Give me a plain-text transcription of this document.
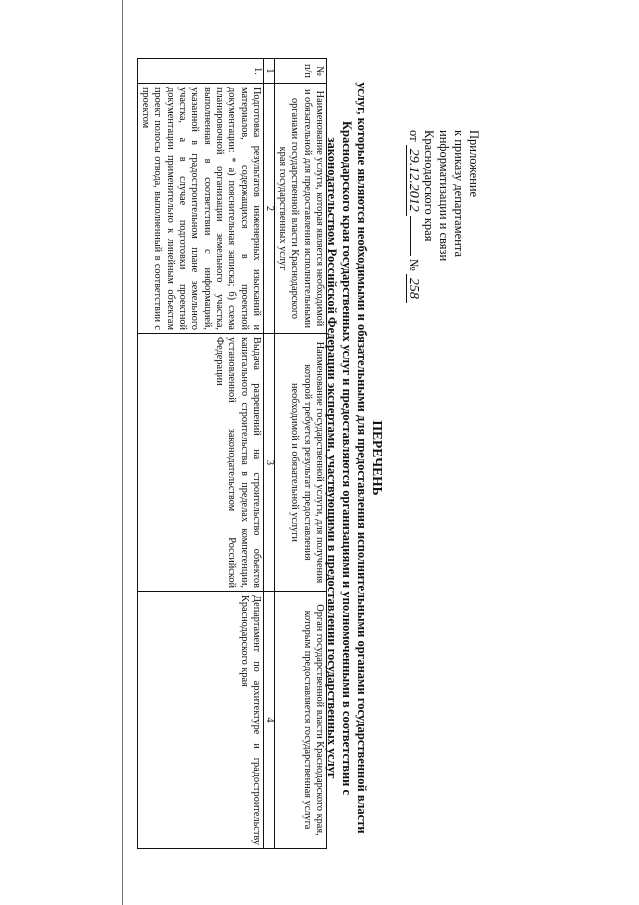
Приложение
к приказу департамента
информатизации и связи
Краснодарского края
от 29.12.2012 № 258
ПЕРЕЧЕНЬ
услуг, которые являются необходимыми и обязательными для предоставления исполнительными органами государственной власти Краснодарского края государственных услуг и предоставляются организациями и уполномоченными в соответствии с законодательством Российской Федерации экспертами, участвующими в предоставлении государственных услуг
№ п/п	Наименование услуги, которая является необходимой и обязательной для предоставления исполнительными органами государственной власти Краснодарского края государственных услуг	Наименование государственной услуги, для получения которой требуется результат предоставления необходимой и обязательной услуги	Орган государственной власти Краснодарского края, которым предоставляется государственная услуга
1	2	3	4
1.	Подготовка результатов инженерных изысканий и материалов, содержащихся в проектной документации: * а) пояснительная записка; б) схема планировочной организации земельного участка, выполненная в соответствии с информацией, указанной в градостроительном плане земельного участка, а в случае подготовки проектной документации применительно к линейным объектам проект полосы отвода, выполненный в соответствии с проектом	Выдача разрешений на строительство объектов капитального строительства в пределах компетенции, установленной законодательством Российской Федерации	Департамент по архитектуре и градостроительству Краснодарского края
